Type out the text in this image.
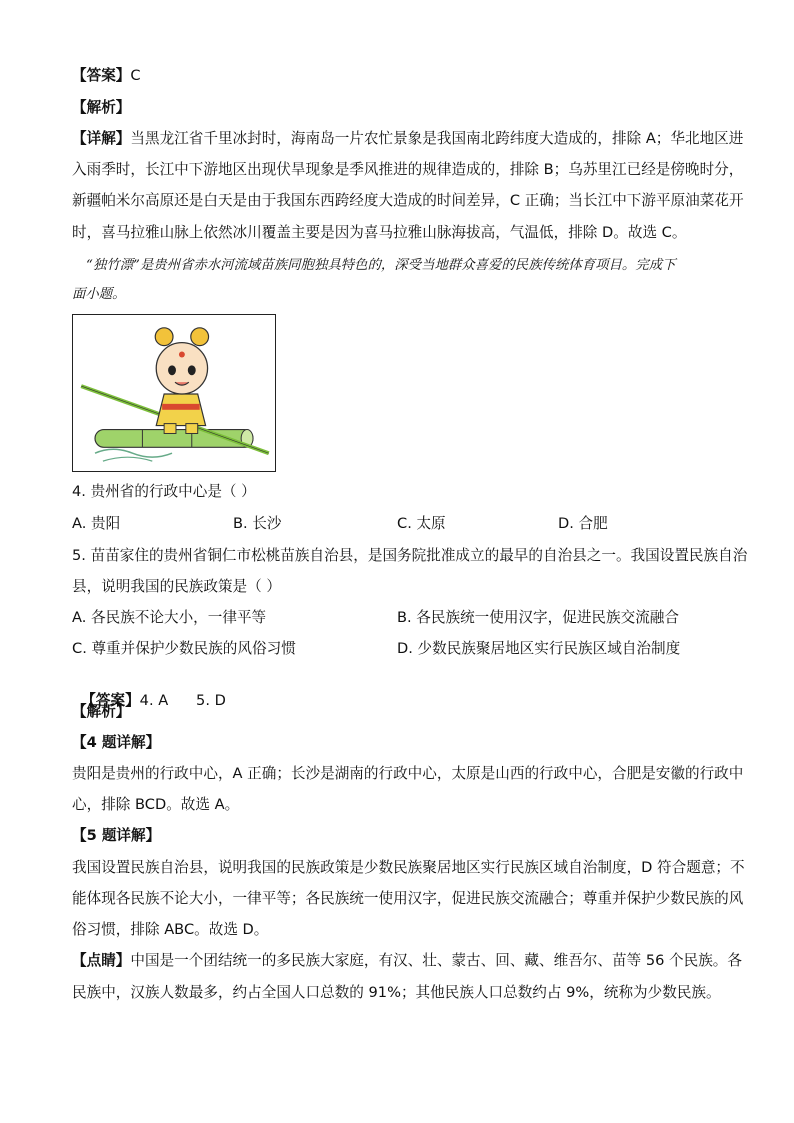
【答案】C
【解析】
【详解】当黑龙江省千里冰封时，海南岛一片农忙景象是我国南北跨纬度大造成的，排除 A；华北地区进
入雨季时，长江中下游地区出现伏旱现象是季风推进的规律造成的，排除 B；乌苏里江已经是傍晚时分，
新疆帕米尔高原还是白天是由于我国东西跨经度大造成的时间差异，C 正确；当长江中下游平原油菜花开
时，喜马拉雅山脉上依然冰川覆盖主要是因为喜马拉雅山脉海拔高，气温低，排除 D。故选 C。
“独竹漂”是贵州省赤水河流域苗族同胞独具特色的，深受当地群众喜爱的民族传统体育项目。完成下
面小题。
4. 贵州省的行政中心是（ ）
A. 贵阳	B. 长沙	C. 太原	D. 合肥
5. 苗苗家住的贵州省铜仁市松桃苗族自治县，是国务院批准成立的最早的自治县之一。我国设置民族自治
县，说明我国的民族政策是（ ）
A. 各民族不论大小，一律平等	B. 各民族统一使用汉字，促进民族交流融合
C. 尊重并保护少数民族的风俗习惯	D. 少数民族聚居地区实行民族区域自治制度

【答案】4. A      5. D

【解析】
【4 题详解】
贵阳是贵州的行政中心，A 正确；长沙是湖南的行政中心，太原是山西的行政中心，合肥是安徽的行政中
心，排除 BCD。故选 A。
【5 题详解】
我国设置民族自治县，说明我国的民族政策是少数民族聚居地区实行民族区域自治制度，D 符合题意；不
能体现各民族不论大小，一律平等；各民族统一使用汉字，促进民族交流融合；尊重并保护少数民族的风
俗习惯，排除 ABC。故选 D。
【点睛】中国是一个团结统一的多民族大家庭，有汉、壮、蒙古、回、藏、维吾尔、苗等 56 个民族。各
民族中，汉族人数最多，约占全国人口总数的 91%；其他民族人口总数约占 9%，统称为少数民族。
